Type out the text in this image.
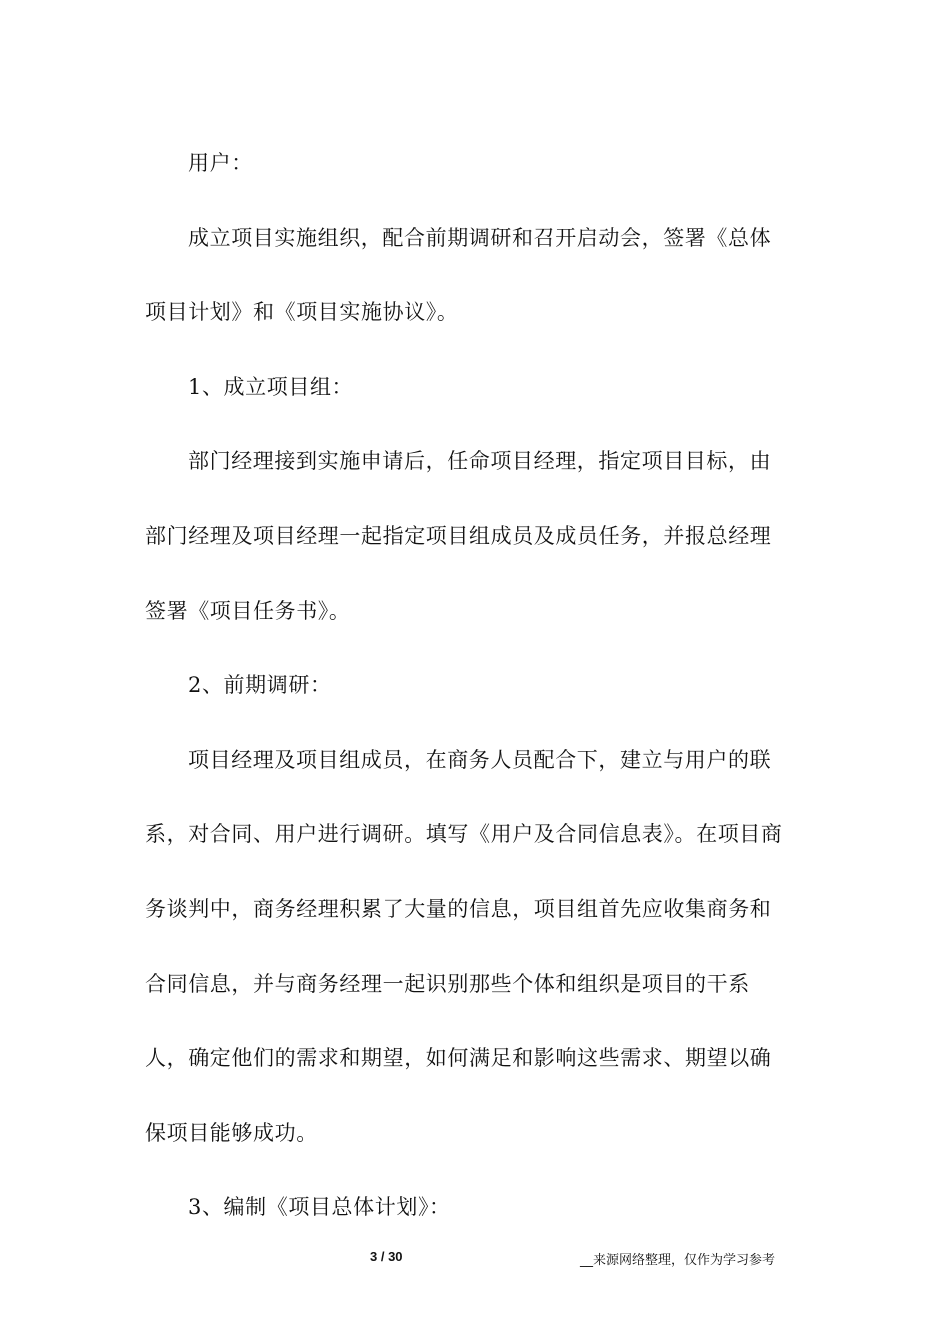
用户：
成立项目实施组织，配合前期调研和召开启动会，签署《总体
项目计划》和《项目实施协议》。
1、成立项目组：
部门经理接到实施申请后，任命项目经理，指定项目目标，由
部门经理及项目经理一起指定项目组成员及成员任务，并报总经理
签署《项目任务书》。
2、前期调研：
项目经理及项目组成员，在商务人员配合下，建立与用户的联
系，对合同、用户进行调研。填写《用户及合同信息表》。在项目商
务谈判中，商务经理积累了大量的信息，项目组首先应收集商务和
合同信息，并与商务经理一起识别那些个体和组织是项目的干系
人，确定他们的需求和期望，如何满足和影响这些需求、期望以确
保项目能够成功。
3、编制《项目总体计划》：
3 / 30	__来源网络整理，仅作为学习参考
